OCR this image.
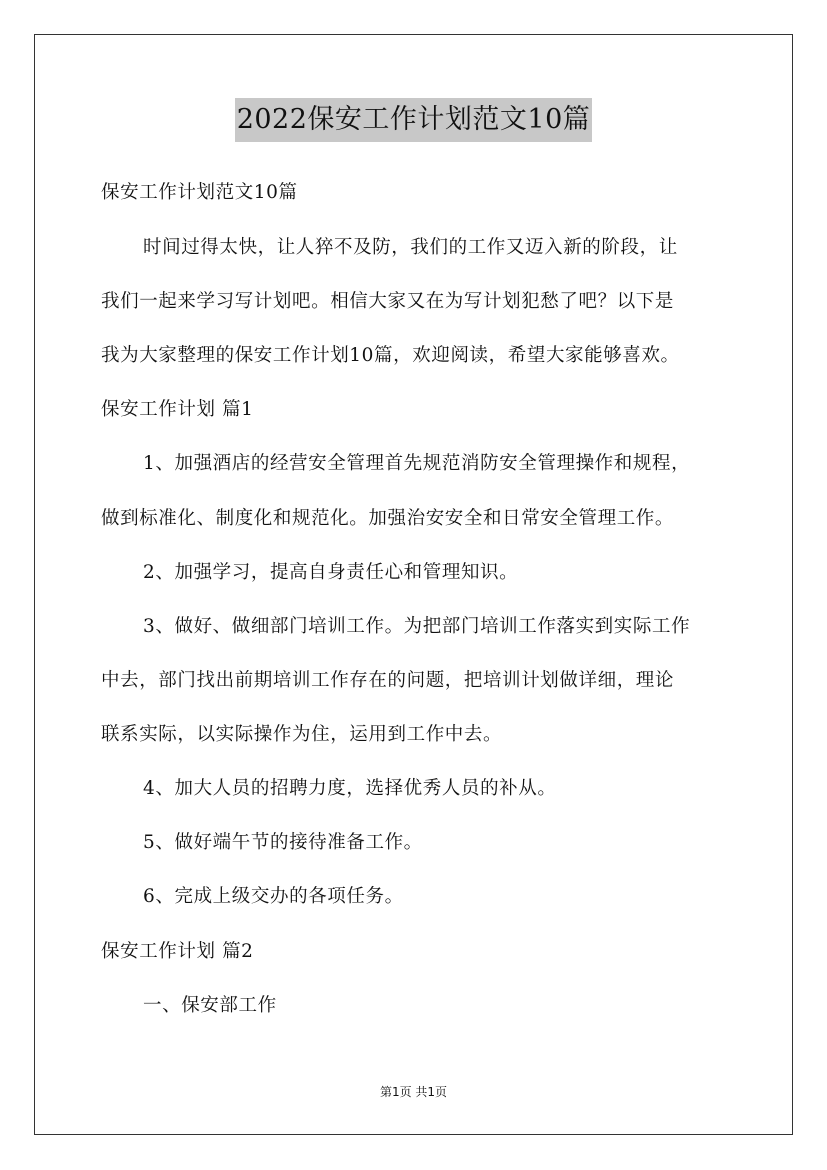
2022保安工作计划范文10篇
保安工作计划范文10篇
时间过得太快，让人猝不及防，我们的工作又迈入新的阶段，让
我们一起来学习写计划吧。相信大家又在为写计划犯愁了吧？以下是
我为大家整理的保安工作计划10篇，欢迎阅读，希望大家能够喜欢。
保安工作计划 篇1
1、加强酒店的经营安全管理首先规范消防安全管理操作和规程，
做到标准化、制度化和规范化。加强治安安全和日常安全管理工作。
2、加强学习，提高自身责任心和管理知识。
3、做好、做细部门培训工作。为把部门培训工作落实到实际工作
中去，部门找出前期培训工作存在的问题，把培训计划做详细，理论
联系实际，以实际操作为住，运用到工作中去。
4、加大人员的招聘力度，选择优秀人员的补从。
5、做好端午节的接待准备工作。
6、完成上级交办的各项任务。
保安工作计划 篇2
一、保安部工作
第1页 共1页
